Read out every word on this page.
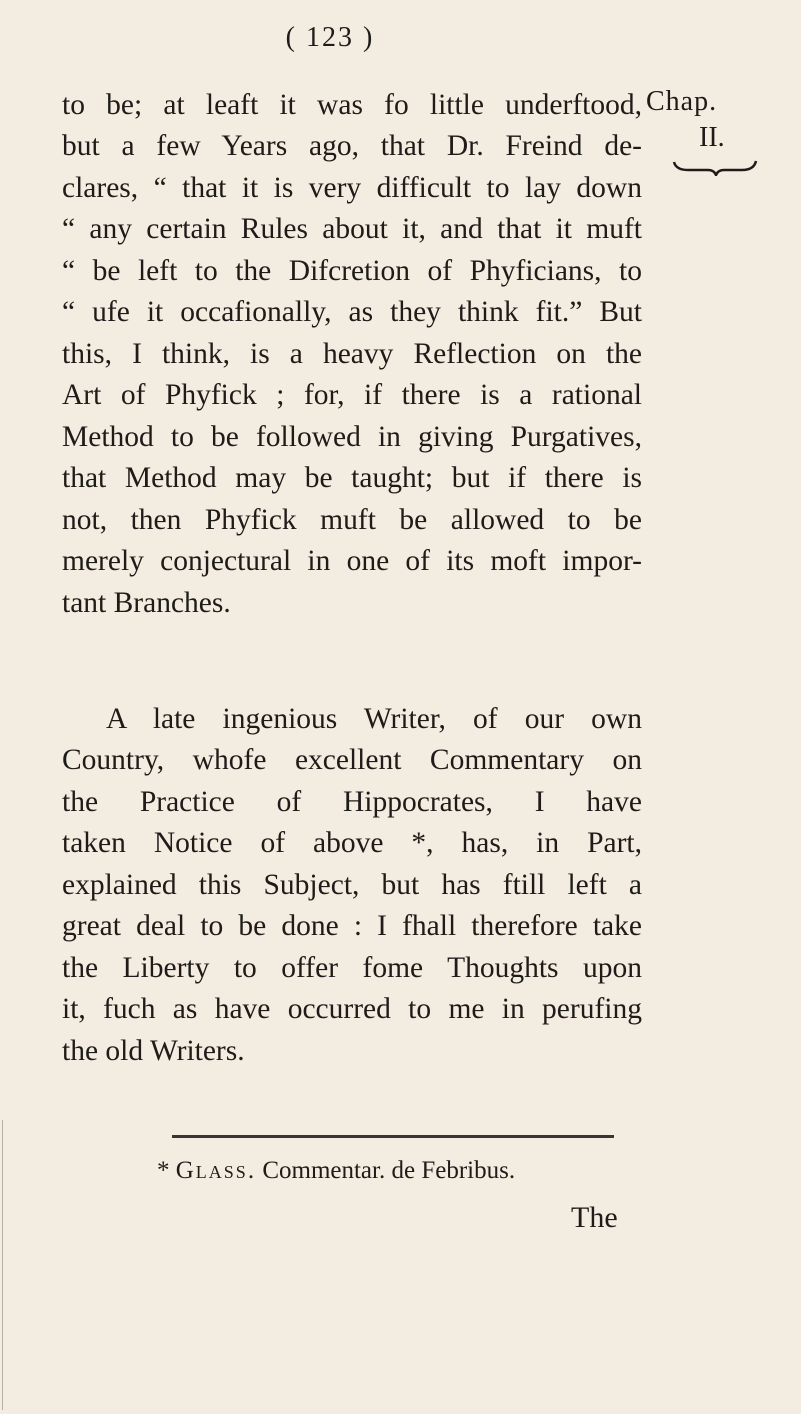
( 123 )
Chap.
II.
to be; at leaft it was fo little underftood,
but a few Years ago, that Dr. Freind de-
clares, “ that it is very difficult to lay down
“ any certain Rules about it, and that it muft
“ be left to the Difcretion of Phyficians, to
“ ufe it occafionally, as they think fit.” But
this, I think, is a heavy Reflection on the
Art of Phyfick ; for, if there is a rational
Method to be followed in giving Purgatives,
that Method may be taught; but if there is
not, then Phyfick muft be allowed to be
merely conjectural in one of its moft impor-
tant Branches.
A late ingenious Writer, of our own
Country, whofe excellent Commentary on
the Practice of Hippocrates, I have
taken Notice of above *, has, in Part,
explained this Subject, but has ftill left a
great deal to be done : I fhall therefore take
the Liberty to offer fome Thoughts upon
it, fuch as have occurred to me in perufing
the old Writers.
* Glass. Commentar. de Febribus.
The
